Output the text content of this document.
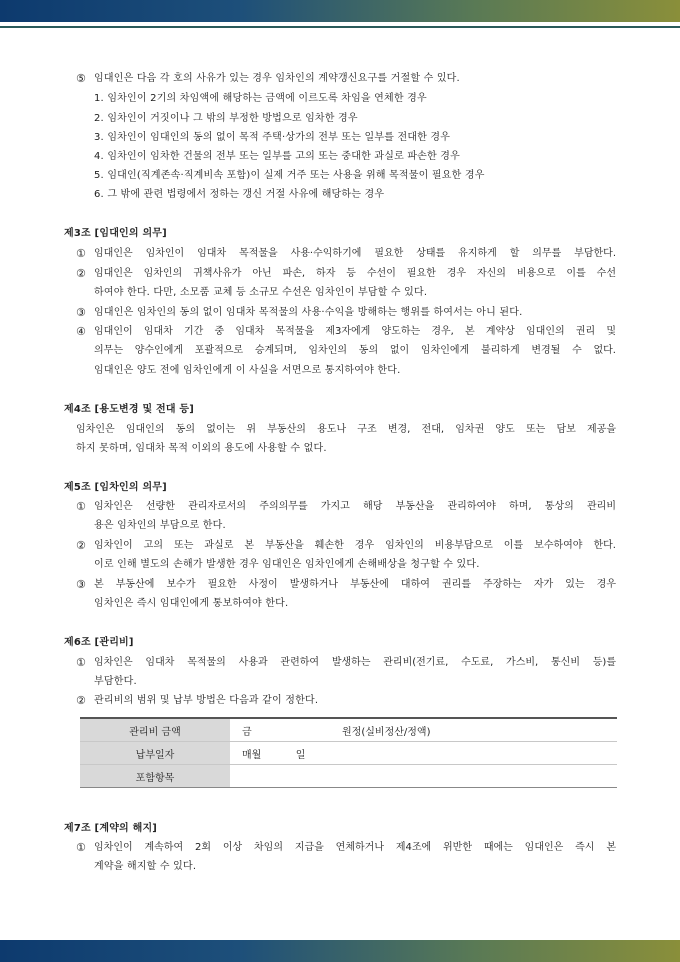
⑤ 임대인은 다음 각 호의 사유가 있는 경우 임차인의 계약갱신요구를 거절할 수 있다.
1. 임차인이 2기의 차임액에 해당하는 금액에 이르도록 차임을 연체한 경우
2. 임차인이 거짓이나 그 밖의 부정한 방법으로 임차한 경우
3. 임차인이 임대인의 동의 없이 목적 주택·상가의 전부 또는 일부를 전대한 경우
4. 임차인이 임차한 건물의 전부 또는 일부를 고의 또는 중대한 과실로 파손한 경우
5. 임대인(직계존속·직계비속 포함)이 실제 거주 또는 사용을 위해 목적물이 필요한 경우
6. 그 밖에 관련 법령에서 정하는 갱신 거절 사유에 해당하는 경우
제3조 [임대인의 의무]
① 임대인은 임차인이 임대차 목적물을 사용·수익하기에 필요한 상태를 유지하게 할 의무를 부담한다.
② 임대인은 임차인의 귀책사유가 아닌 파손, 하자 등 수선이 필요한 경우 자신의 비용으로 이를 수선
하여야 한다. 다만, 소모품 교체 등 소규모 수선은 임차인이 부담할 수 있다.
③ 임대인은 임차인의 동의 없이 임대차 목적물의 사용·수익을 방해하는 행위를 하여서는 아니 된다.
④ 임대인이 임대차 기간 중 임대차 목적물을 제3자에게 양도하는 경우, 본 계약상 임대인의 권리 및
의무는 양수인에게 포괄적으로 승계되며, 임차인의 동의 없이 임차인에게 불리하게 변경될 수 없다.
임대인은 양도 전에 임차인에게 이 사실을 서면으로 통지하여야 한다.
제4조 [용도변경 및 전대 등]
임차인은 임대인의 동의 없이는 위 부동산의 용도나 구조 변경, 전대, 임차권 양도 또는 담보 제공을
하지 못하며, 임대차 목적 이외의 용도에 사용할 수 없다.
제5조 [임차인의 의무]
① 임차인은 선량한 관리자로서의 주의의무를 가지고 해당 부동산을 관리하여야 하며, 통상의 관리비
용은 임차인의 부담으로 한다.
② 임차인이 고의 또는 과실로 본 부동산을 훼손한 경우 임차인의 비용부담으로 이를 보수하여야 한다.
이로 인해 별도의 손해가 발생한 경우 임대인은 임차인에게 손해배상을 청구할 수 있다.
③ 본 부동산에 보수가 필요한 사정이 발생하거나 부동산에 대하여 권리를 주장하는 자가 있는 경우
임차인은 즉시 임대인에게 통보하여야 한다.
제6조 [관리비]
① 임차인은 임대차 목적물의 사용과 관련하여 발생하는 관리비(전기료, 수도료, 가스비, 통신비 등)를
부담한다.
② 관리비의 범위 및 납부 방법은 다음과 같이 정한다.
관리비 금액	금 원정(실비정산/정액)
납부일자	매월 일
포함항목	
제7조 [계약의 해지]
① 임차인이 계속하여 2회 이상 차임의 지급을 연체하거나 제4조에 위반한 때에는 임대인은 즉시 본
계약을 해지할 수 있다.
